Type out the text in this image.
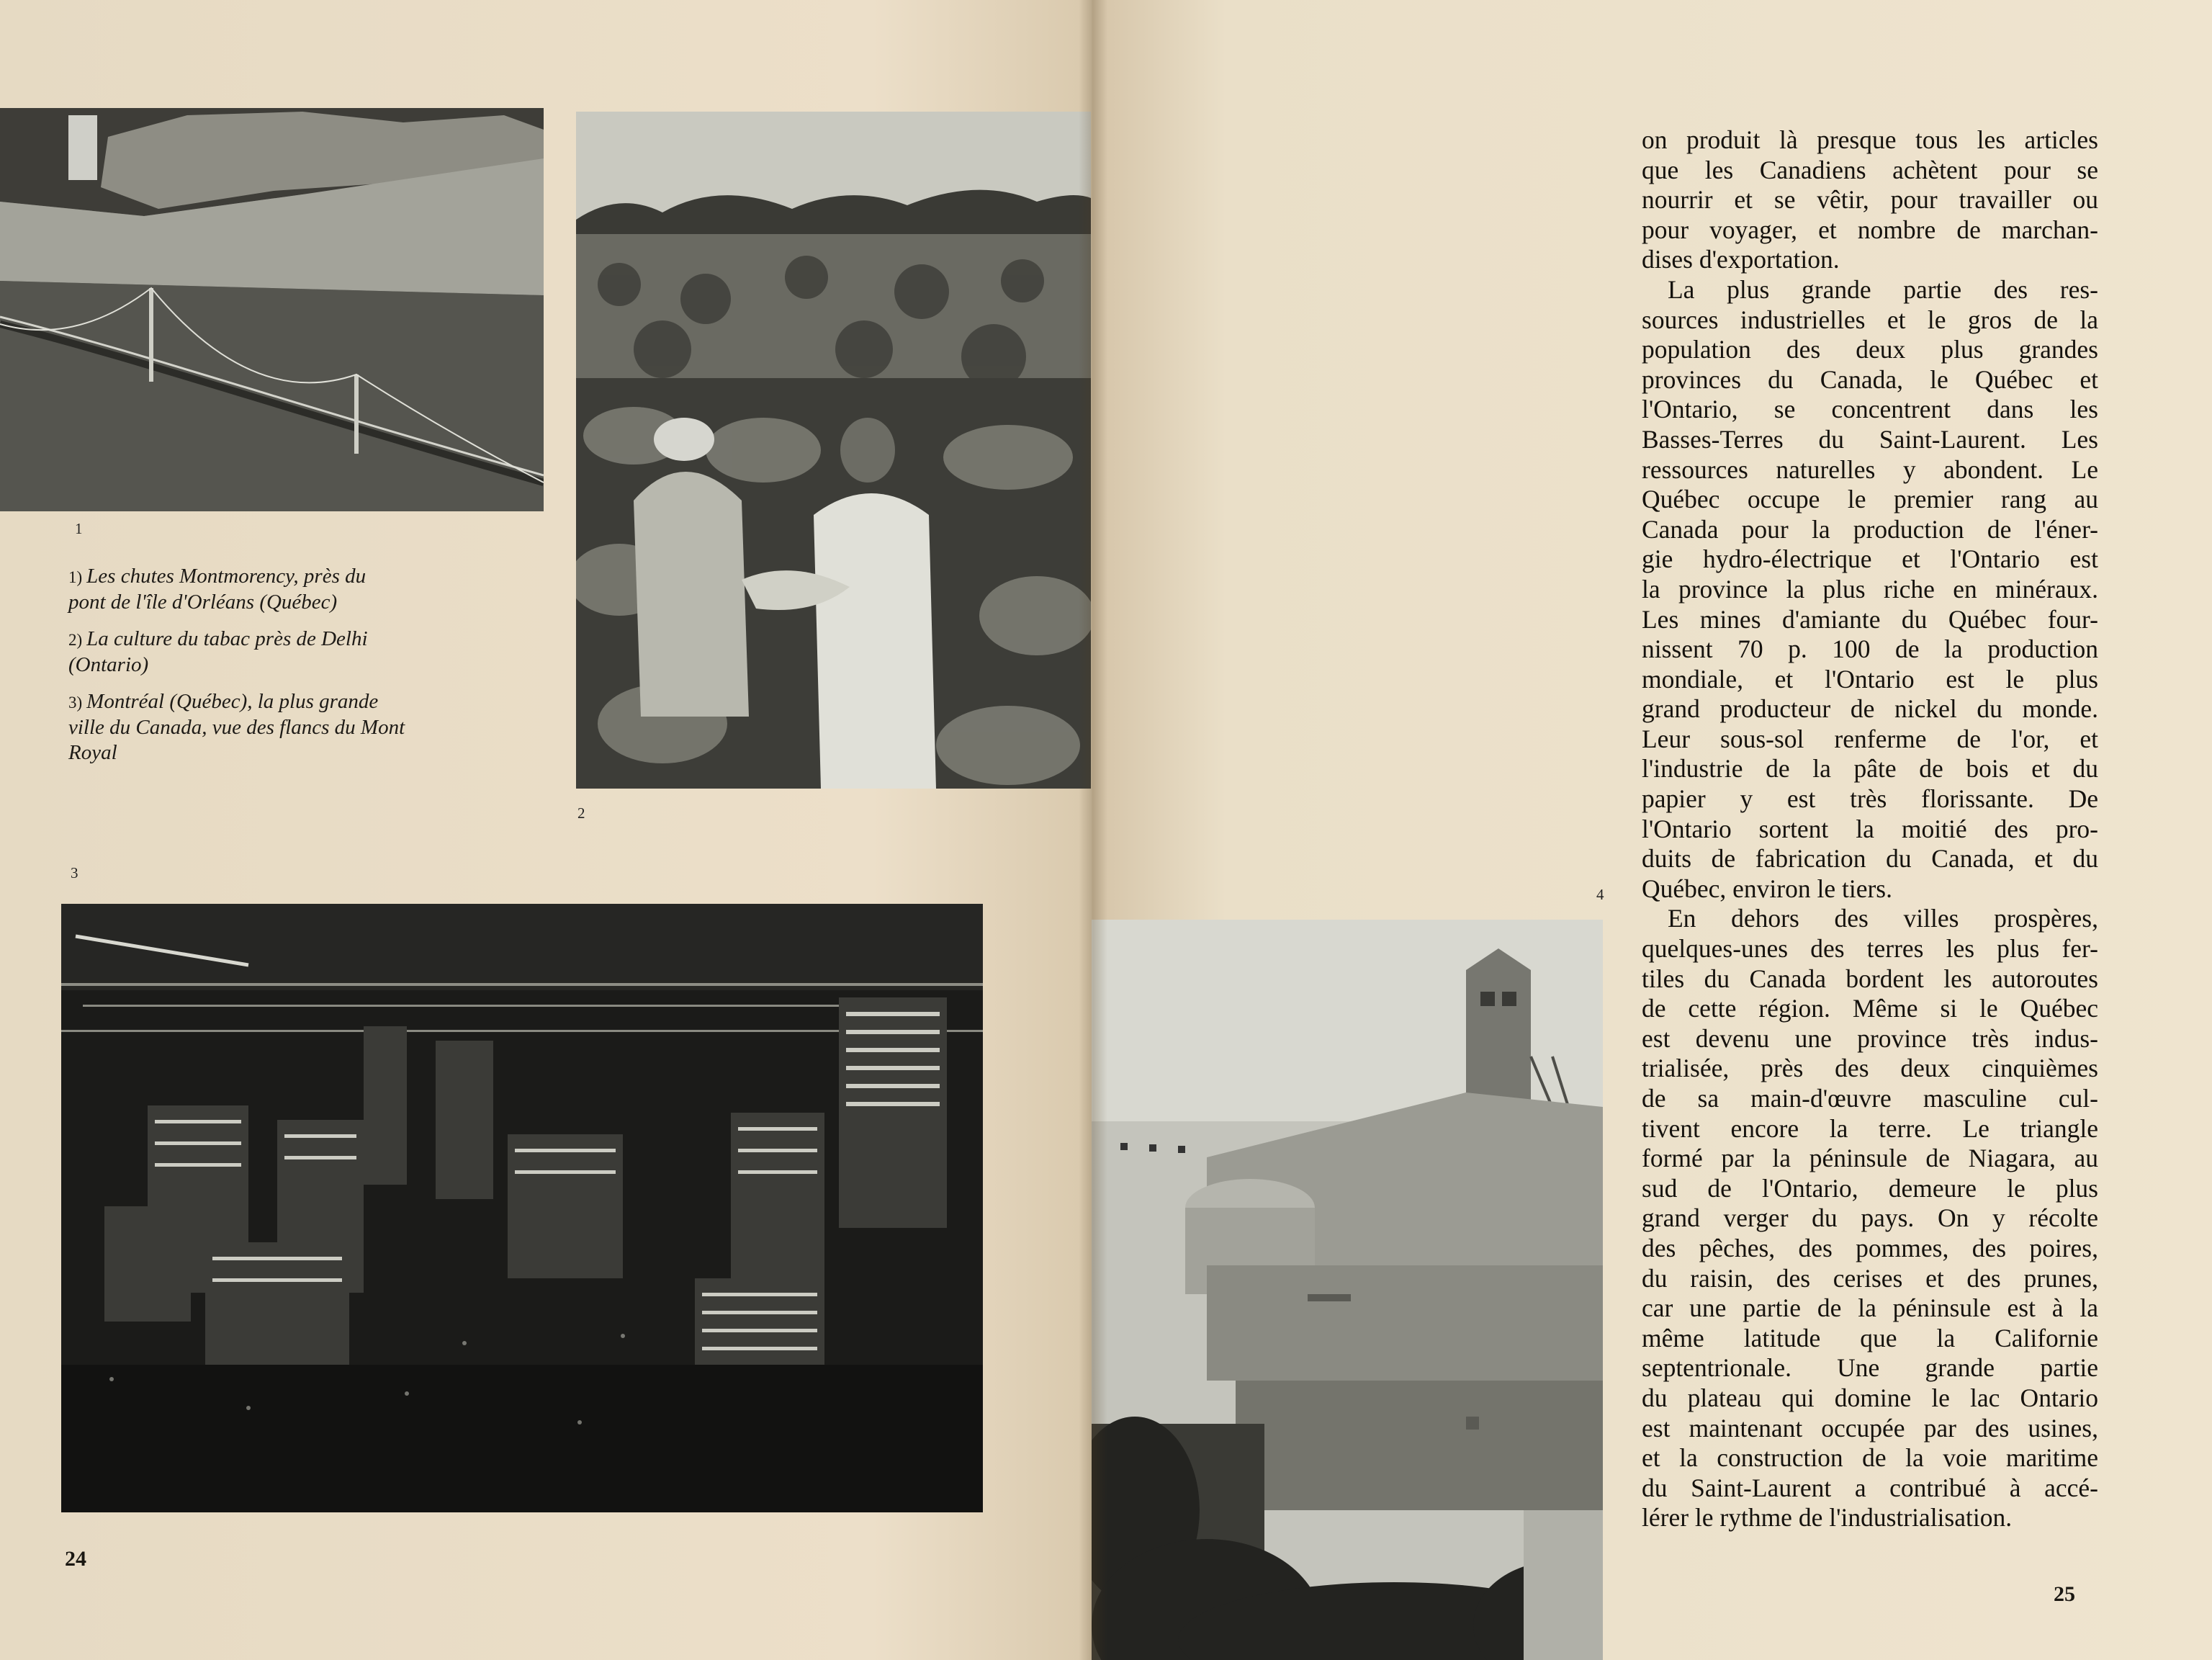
1
2
3
1) Les chutes Montmorency, près du pont de l'île d'Orléans (Québec)
2) La culture du tabac près de Delhi (Ontario)
3) Montréal (Québec), la plus grande ville du Canada, vue des flancs du Mont Royal
24
on produit là presque tous les articles
que les Canadiens achètent pour se
nourrir et se vêtir, pour travailler ou
pour voyager, et nombre de marchan-
dises d'exportation.
La plus grande partie des res-
sources industrielles et le gros de la
population des deux plus grandes
provinces du Canada, le Québec et
l'Ontario, se concentrent dans les
Basses-Terres du Saint-Laurent. Les
ressources naturelles y abondent. Le
Québec occupe le premier rang au
Canada pour la production de l'éner-
gie hydro-électrique et l'Ontario est
la province la plus riche en minéraux.
Les mines d'amiante du Québec four-
nissent 70 p. 100 de la production
mondiale, et l'Ontario est le plus
grand producteur de nickel du monde.
Leur sous-sol renferme de l'or, et
l'industrie de la pâte de bois et du
papier y est très florissante. De
l'Ontario sortent la moitié des pro-
duits de fabrication du Canada, et du
Québec, environ le tiers.
En dehors des villes prospères,
quelques-unes des terres les plus fer-
tiles du Canada bordent les autoroutes
de cette région. Même si le Québec
est devenu une province très indus-
trialisée, près des deux cinquièmes
de sa main-d'œuvre masculine cul-
tivent encore la terre. Le triangle
formé par la péninsule de Niagara, au
sud de l'Ontario, demeure le plus
grand verger du pays. On y récolte
des pêches, des pommes, des poires,
du raisin, des cerises et des prunes,
car une partie de la péninsule est à la
même latitude que la Californie
septentrionale. Une grande partie
du plateau qui domine le lac Ontario
est maintenant occupée par des usines,
et la construction de la voie maritime
du Saint-Laurent a contribué à accé-
lérer le rythme de l'industrialisation.
4
25
